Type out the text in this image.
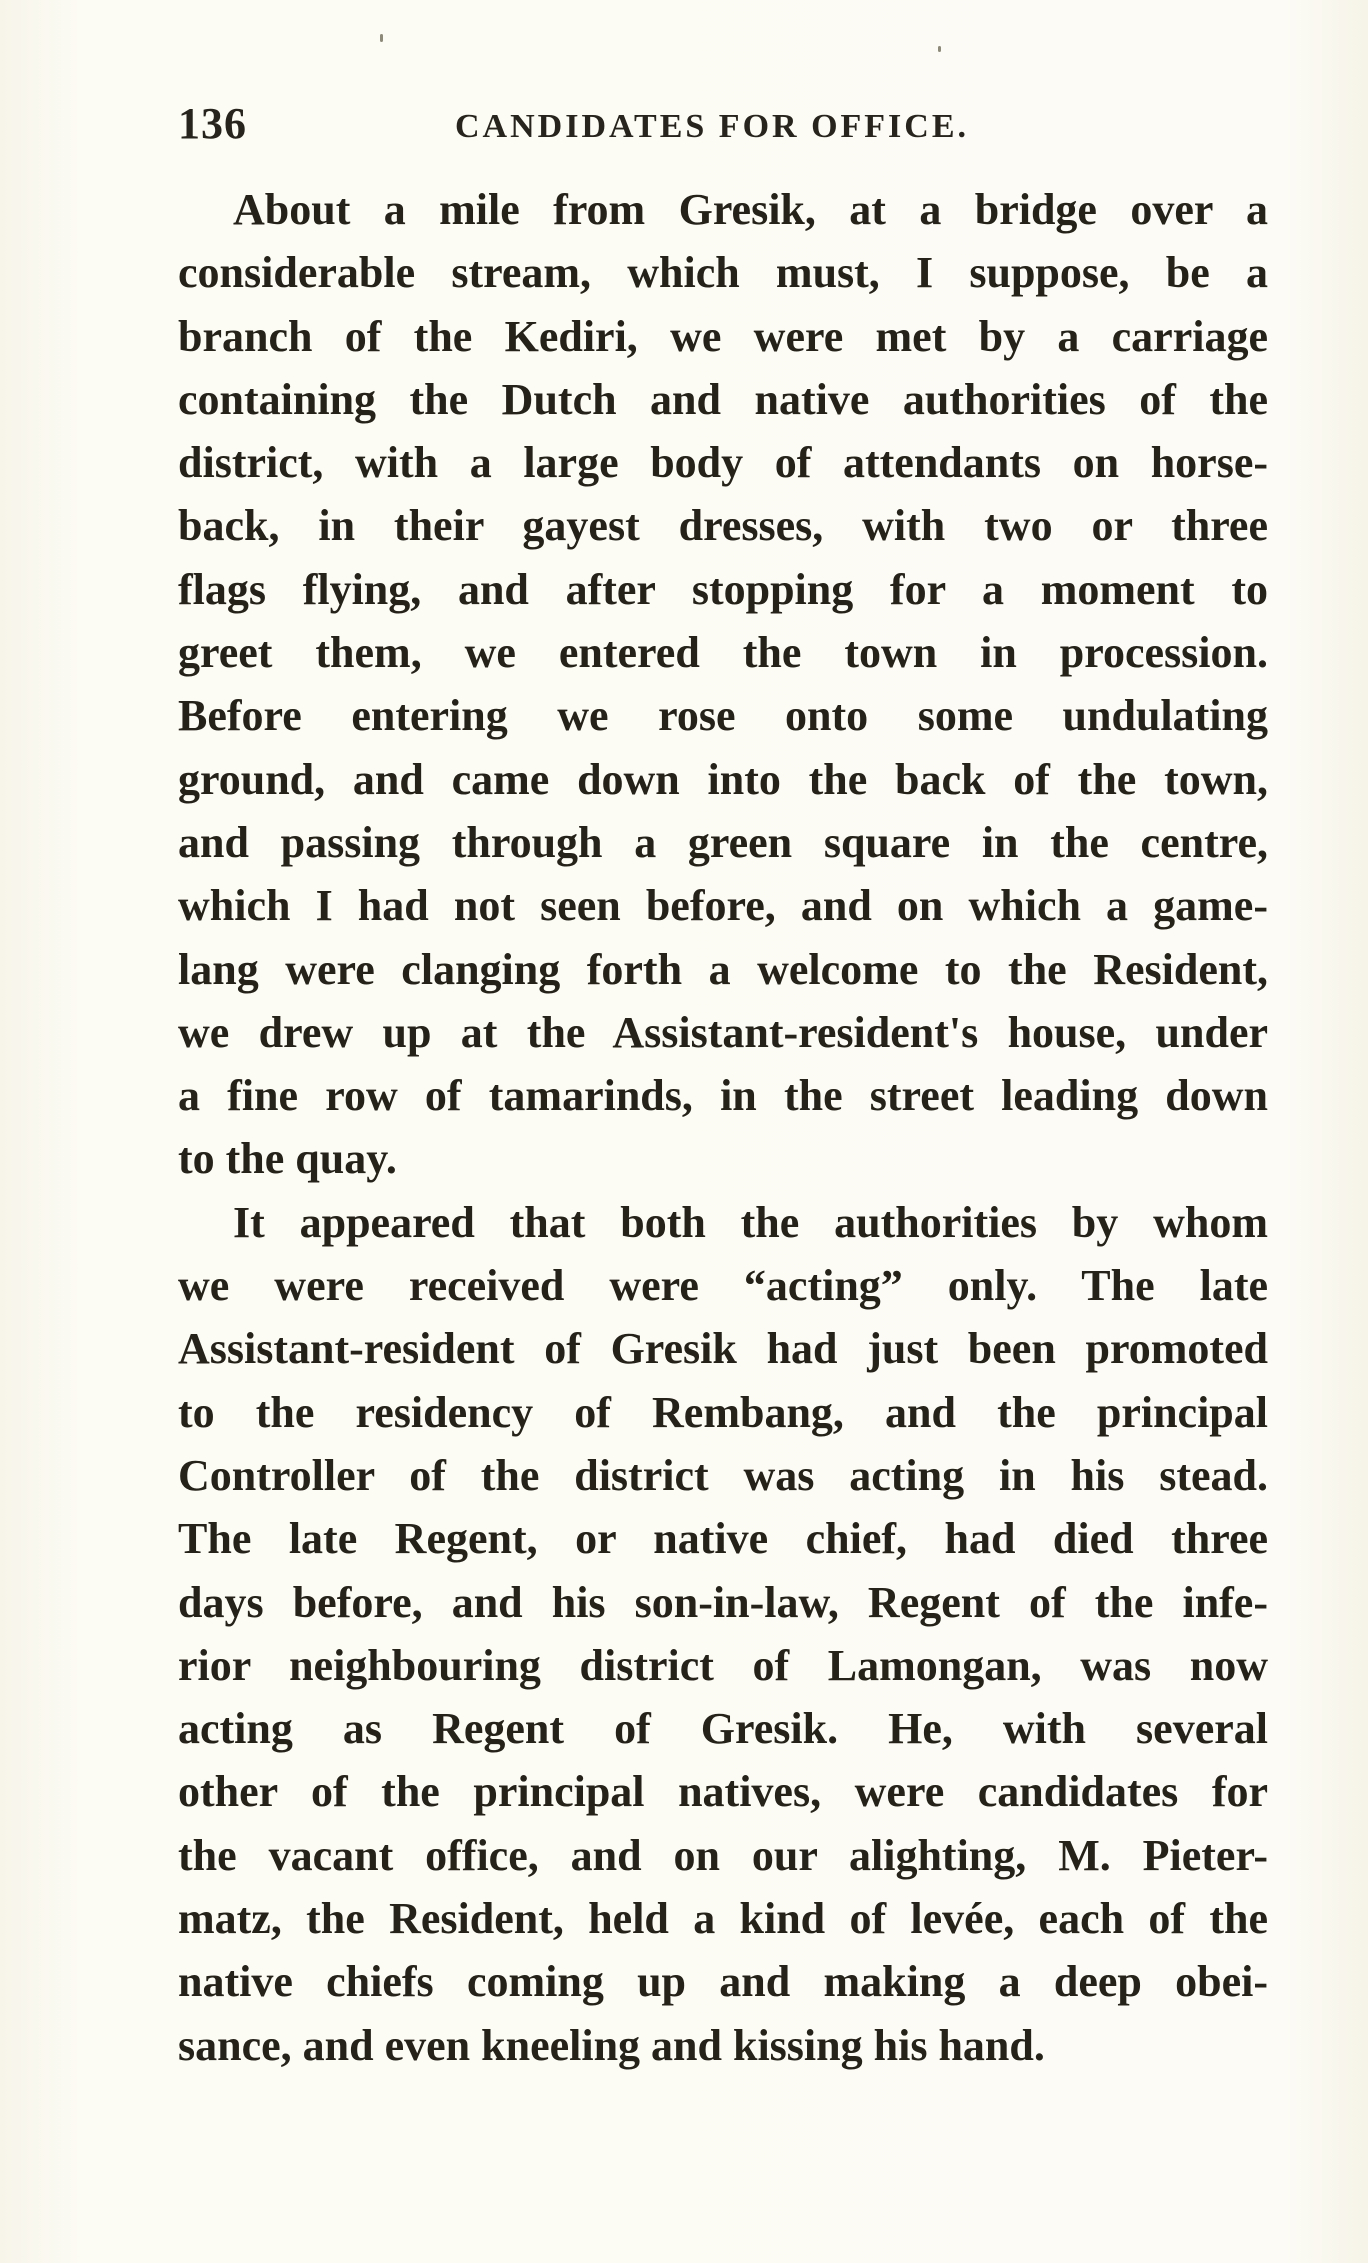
136	CANDIDATES FOR OFFICE.
About a mile from Gresik, at a bridge over a
considerable stream, which must, I suppose, be a
branch of the Kediri, we were met by a carriage
containing the Dutch and native authorities of the
district, with a large body of attendants on horse-
back, in their gayest dresses, with two or three
flags flying, and after stopping for a moment to
greet them, we entered the town in procession.
Before entering we rose onto some undulating
ground, and came down into the back of the town,
and passing through a green square in the centre,
which I had not seen before, and on which a game-
lang were clanging forth a welcome to the Resident,
we drew up at the Assistant-resident's house, under
a fine row of tamarinds, in the street leading down
to the quay.
It appeared that both the authorities by whom
we were received were “acting” only. The late
Assistant-resident of Gresik had just been promoted
to the residency of Rembang, and the principal
Controller of the district was acting in his stead.
The late Regent, or native chief, had died three
days before, and his son-in-law, Regent of the infe-
rior neighbouring district of Lamongan, was now
acting as Regent of Gresik. He, with several
other of the principal natives, were candidates for
the vacant office, and on our alighting, M. Pieter-
matz, the Resident, held a kind of levée, each of the
native chiefs coming up and making a deep obei-
sance, and even kneeling and kissing his hand.
